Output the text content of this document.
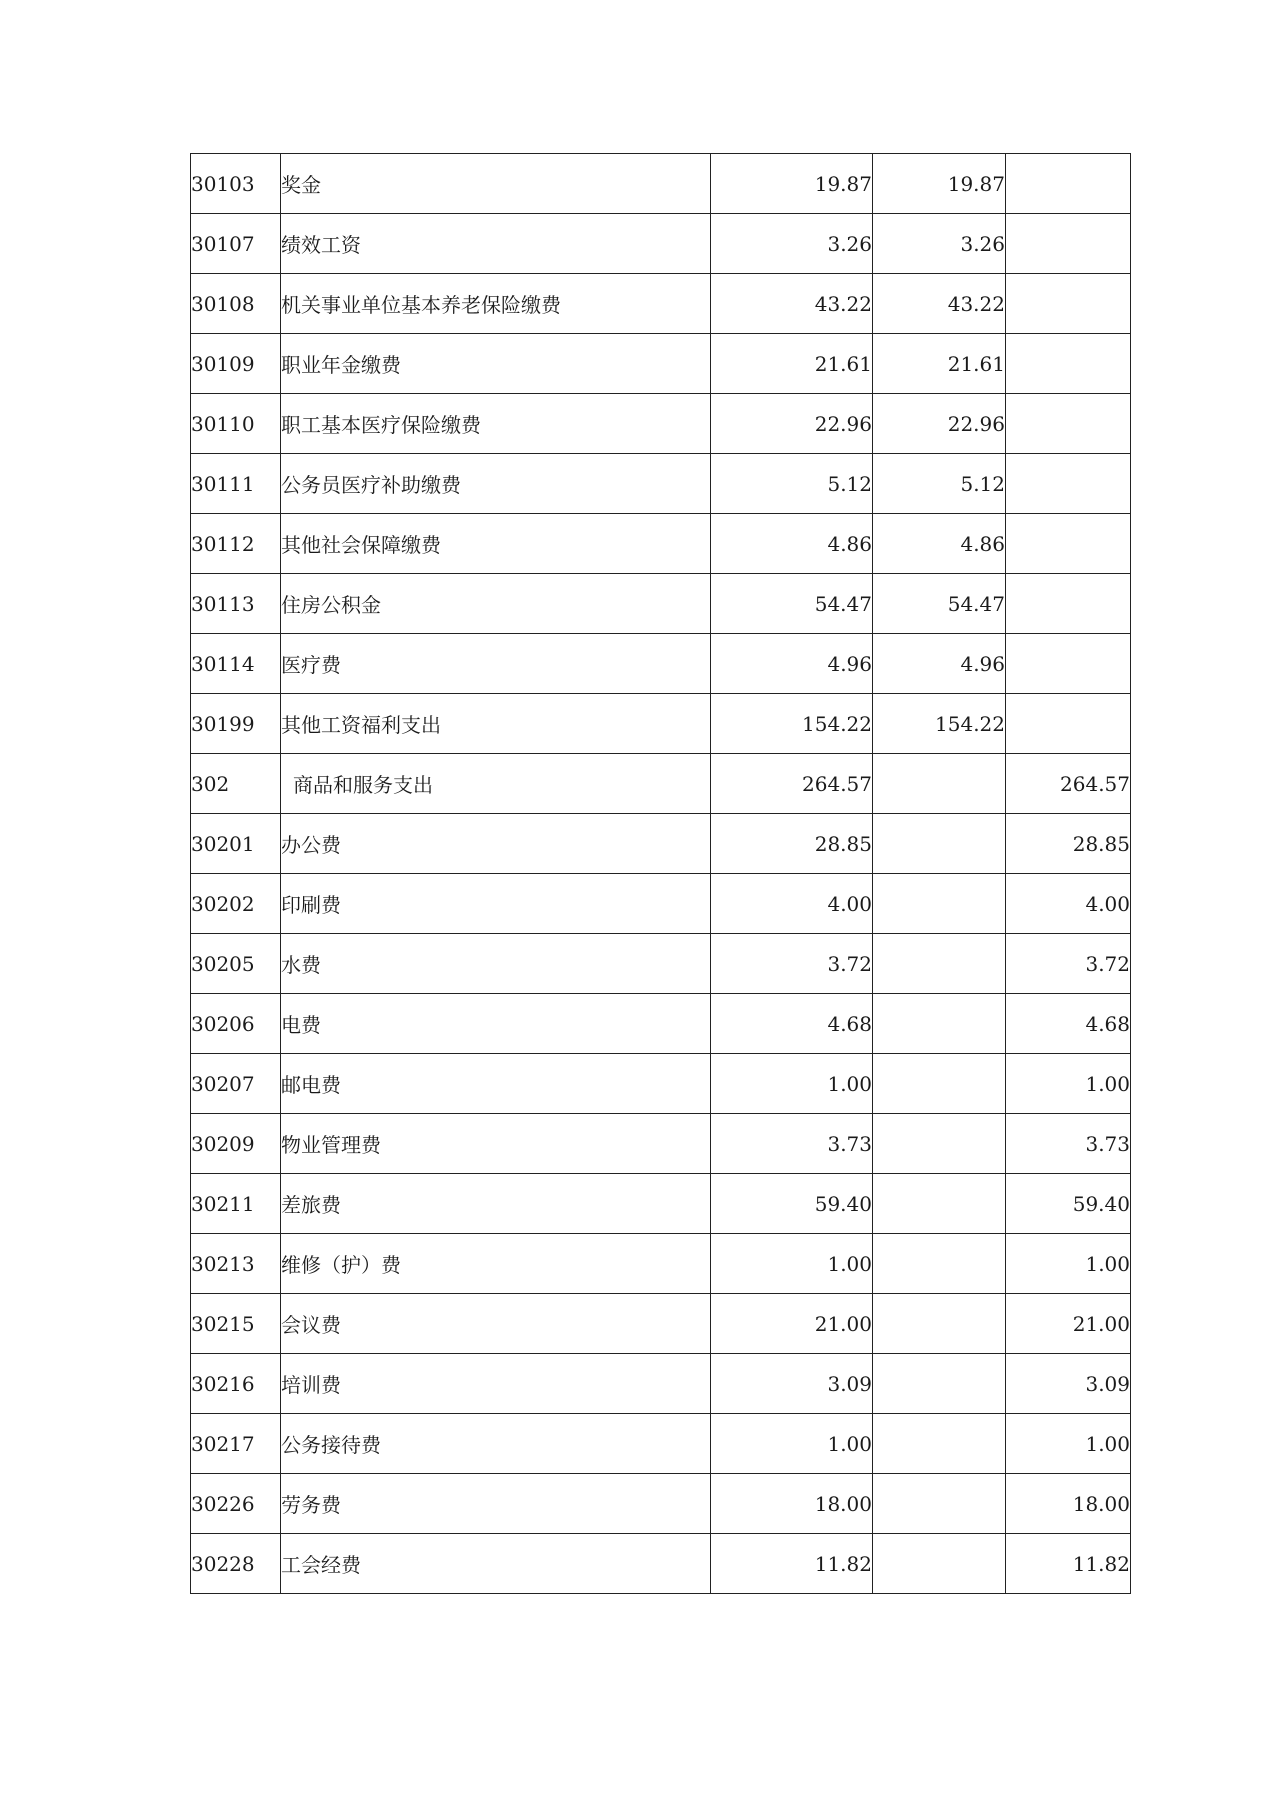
30103	奖金	19.87	19.87	
30107	绩效工资	3.26	3.26	
30108	机关事业单位基本养老保险缴费	43.22	43.22	
30109	职业年金缴费	21.61	21.61	
30110	职工基本医疗保险缴费	22.96	22.96	
30111	公务员医疗补助缴费	5.12	5.12	
30112	其他社会保障缴费	4.86	4.86	
30113	住房公积金	54.47	54.47	
30114	医疗费	4.96	4.96	
30199	其他工资福利支出	154.22	154.22	
302	商品和服务支出	264.57		264.57
30201	办公费	28.85		28.85
30202	印刷费	4.00		4.00
30205	水费	3.72		3.72
30206	电费	4.68		4.68
30207	邮电费	1.00		1.00
30209	物业管理费	3.73		3.73
30211	差旅费	59.40		59.40
30213	维修（护）费	1.00		1.00
30215	会议费	21.00		21.00
30216	培训费	3.09		3.09
30217	公务接待费	1.00		1.00
30226	劳务费	18.00		18.00
30228	工会经费	11.82		11.82
